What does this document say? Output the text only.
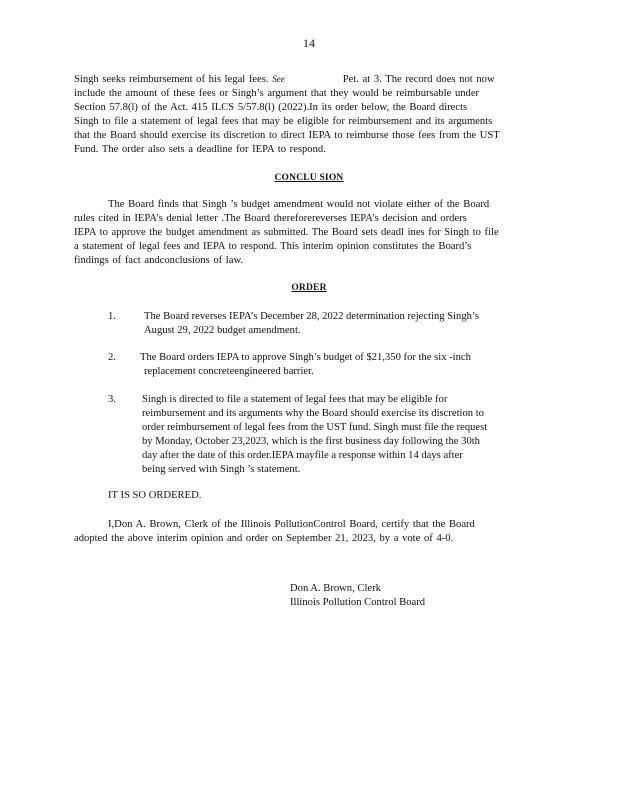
14
Singh seeks reimbursement of his legal fees. See	Pet. at 3. The record does not now
include the amount of these fees or Singh’s argument that they would be reimbursable under
Section 57.8(l) of the Act. 415 ILCS 5/57.8(l) (2022).In its order below, the Board directs
Singh to file a statement of legal fees that may be eligible for reimbursement and its arguments
that the Board should exercise its discretion to direct IEPA to reimburse those fees from the UST
Fund. The order also sets a deadline for IEPA to respond.
CONCLU SION
The Board finds that Singh ’s budget amendment would not violate either of the Board
rules cited in IEPA’s denial letter .The Board thereforereverses IEPA’s decision and orders
IEPA to approve the budget amendment as submitted. The Board sets deadl ines for Singh to file
a statement of legal fees and IEPA to respond. This interim opinion constitutes the Board’s
findings of fact andconclusions of law.
ORDER
1.	The Board reverses IEPA’s December 28, 2022 determination rejecting Singh’s
August 29, 2022 budget amendment.
2. The Board orders IEPA to approve Singh’s budget of $21,350 for the six -inch
replacement concreteengineered barrier.
3. Singh is directed to file a statement of legal fees that may be eligible for
reimbursement and its arguments why the Board should exercise its discretion to
order reimbursement of legal fees from the UST fund. Singh must file the request
by Monday, October 23,2023, which is the first business day following the 30th
day after the date of this order.IEPA mayfile a response within 14 days after
being served with Singh ’s statement.
IT IS SO ORDERED.
I,Don A. Brown, Clerk of the Illinois PollutionControl Board, certify that the Board
adopted the above interim opinion and order on September 21, 2023, by a vote of 4-0.
Don A. Brown, Clerk
Illinois Pollution Control Board
